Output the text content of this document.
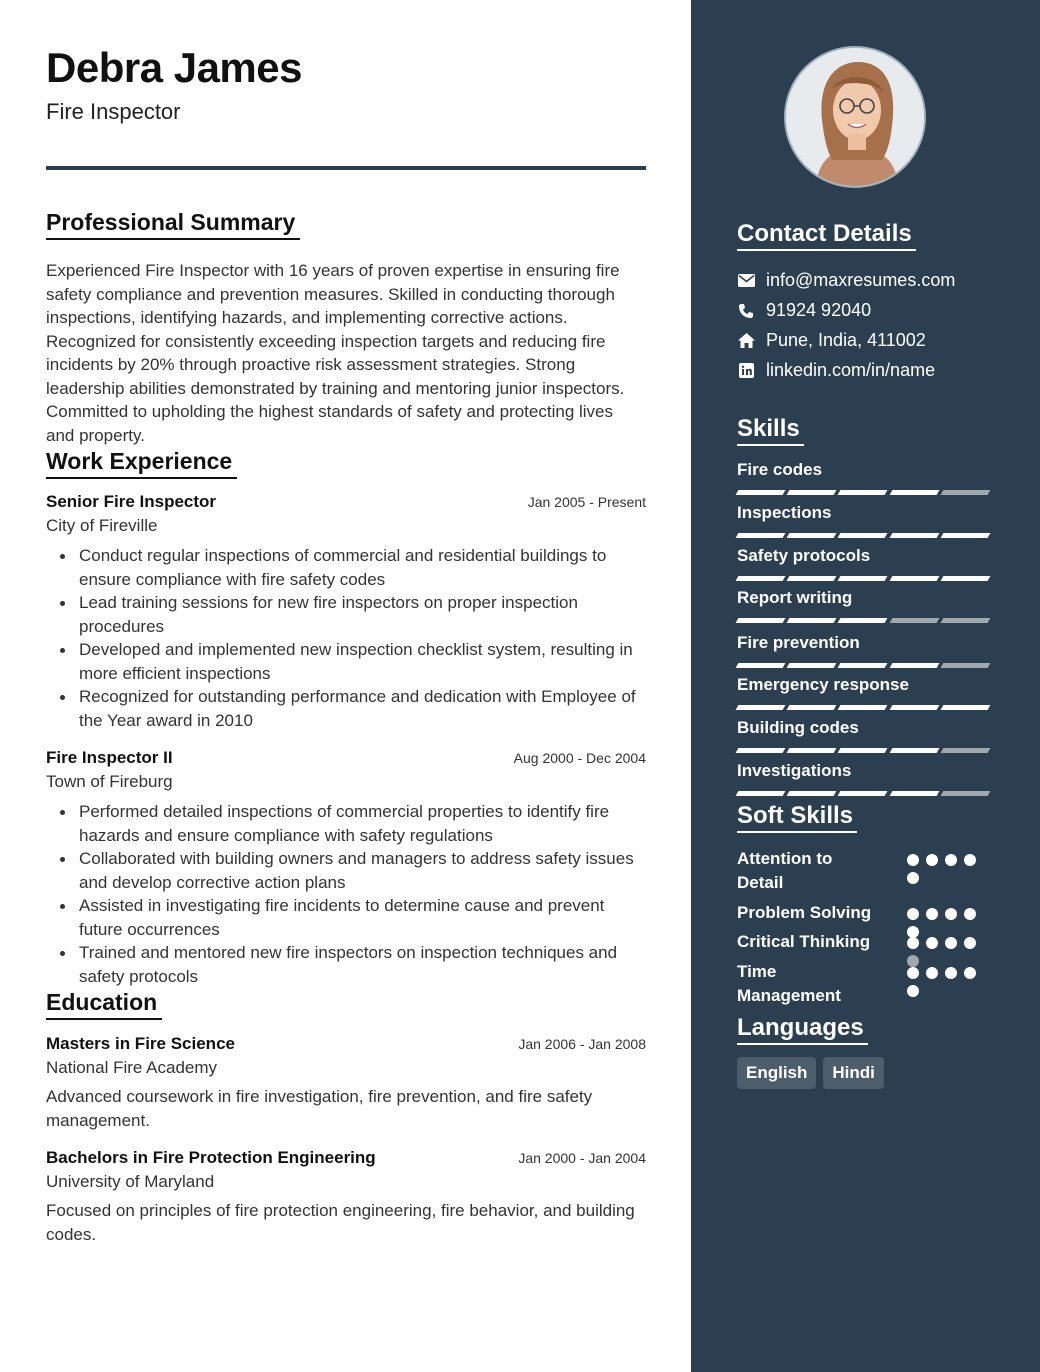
Debra James
Fire Inspector
Professional Summary
Experienced Fire Inspector with 16 years of proven expertise in ensuring fire safety compliance and prevention measures. Skilled in conducting thorough inspections, identifying hazards, and implementing corrective actions. Recognized for consistently exceeding inspection targets and reducing fire incidents by 20% through proactive risk assessment strategies. Strong leadership abilities demonstrated by training and mentoring junior inspectors. Committed to upholding the highest standards of safety and protecting lives and property.
Work Experience
Senior Fire Inspector	Jan 2005 - Present
City of Fireville
Conduct regular inspections of commercial and residential buildings to ensure compliance with fire safety codes
Lead training sessions for new fire inspectors on proper inspection procedures
Developed and implemented new inspection checklist system, resulting in more efficient inspections
Recognized for outstanding performance and dedication with Employee of the Year award in 2010
Fire Inspector II	Aug 2000 - Dec 2004
Town of Fireburg
Performed detailed inspections of commercial properties to identify fire hazards and ensure compliance with safety regulations
Collaborated with building owners and managers to address safety issues and develop corrective action plans
Assisted in investigating fire incidents to determine cause and prevent future occurrences
Trained and mentored new fire inspectors on inspection techniques and safety protocols
Education
Masters in Fire Science	Jan 2006 - Jan 2008
National Fire Academy
Advanced coursework in fire investigation, fire prevention, and fire safety management.
Bachelors in Fire Protection Engineering	Jan 2000 - Jan 2004
University of Maryland
Focused on principles of fire protection engineering, fire behavior, and building codes.
Contact Details
info@maxresumes.com
91924 92040
Pune, India, 411002
linkedin.com/in/name
Skills
Fire codes
Inspections
Safety protocols
Report writing
Fire prevention
Emergency response
Building codes
Investigations
Soft Skills
Attention to Detail
Problem Solving
Critical Thinking
Time Management
Languages
English	Hindi
